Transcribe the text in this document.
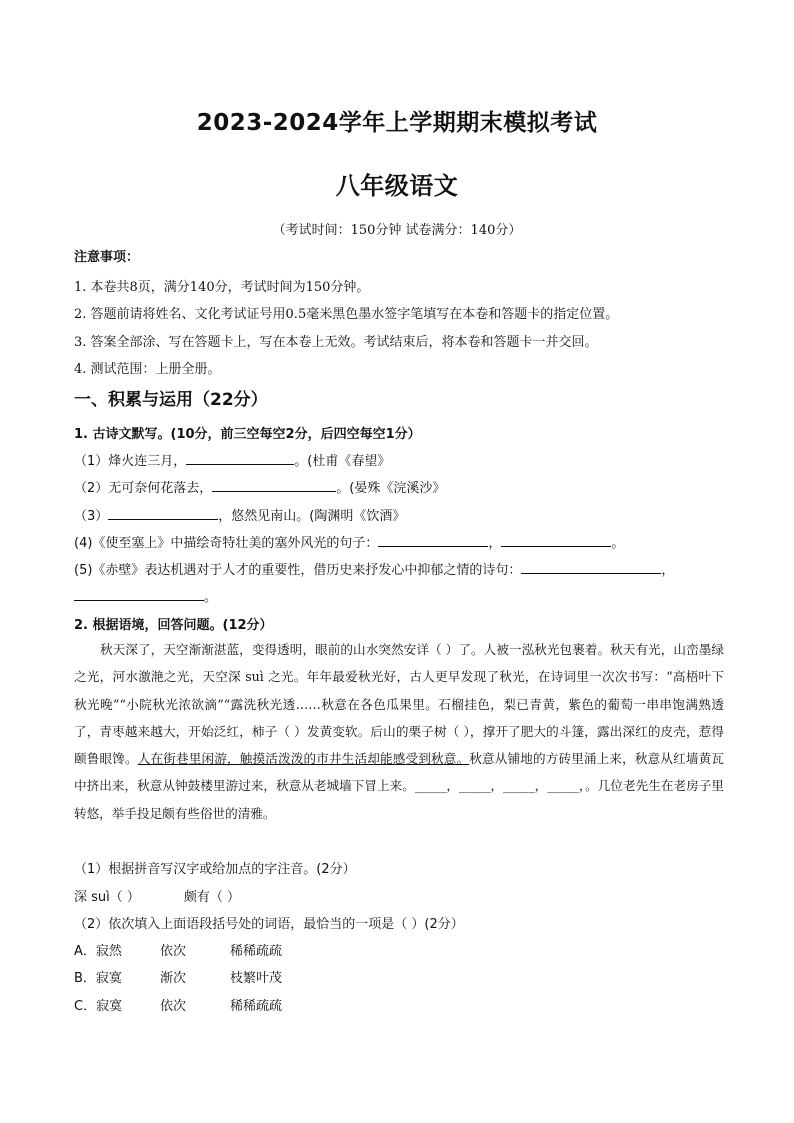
2023-2024学年上学期期末模拟考试
八年级语文
（考试时间：150分钟 试卷满分：140分）
注意事项：
1. 本卷共8页，满分140分，考试时间为150分钟。
2. 答题前请将姓名、文化考试证号用0.5毫米黑色墨水签字笔填写在本卷和答题卡的指定位置。
3. 答案全部涂、写在答题卡上，写在本卷上无效。考试结束后，将本卷和答题卡一并交回。
4. 测试范围：上册全册。
一、积累与运用（22分）
1. 古诗文默写。(10分，前三空每空2分，后四空每空1分）
（1）烽火连三月，	。(杜甫《春望》
（2）无可奈何花落去，	。(晏殊《浣溪沙》
（3）	，悠然见南山。(陶渊明《饮酒》
(4)《使至塞上》中描绘奇特壮美的塞外风光的句子：	，	。
(5)《赤壁》表达机遇对于人才的重要性，借历史来抒发心中抑郁之情的诗句：	，
。
2. 根据语境，回答问题。(12分）

秋天深了，天空渐渐湛蓝，变得透明，眼前的山水突然安详（ ）了。人被一泓秋光包裹着。秋天有光，山峦墨绿之光，河水激滟之光，天空深 suì 之光。年年最爱秋光好，古人更早发现了秋光，在诗词里一次次书写：“高梧叶下秋光晚”“小院秋光浓欲滴”“露洗秋光透……秋意在各色瓜果里。石榴挂色，梨已青黄，紫色的葡萄一串串饱满熟透了，青枣越来越大，开始泛红，柿子（ ）发黄变软。后山的栗子树（ ），撑开了肥大的斗篷，露出深红的皮壳，惹得颐鲁眼馋。人在街巷里闲游，触摸活泼泼的市井生活却能感受到秋意。秋意从铺地的方砖里涌上来，秋意从红墙黄瓦中挤出来，秋意从钟鼓楼里游过来，秋意从老城墙下冒上来。_____，_____，_____，_____，。几位老先生在老房子里转悠，举手投足颇有些俗世的清雅。

（1）根据拼音写汉字或给加点的字注音。(2分）
深 suì（ ）	颇有（ ）
（2）依次填入上面语段括号处的词语，最恰当的一项是（ ）(2分）
A．寂然	依次	稀稀疏疏
B．寂寞	渐次	枝繁叶茂
C．寂寞	依次	稀稀疏疏
